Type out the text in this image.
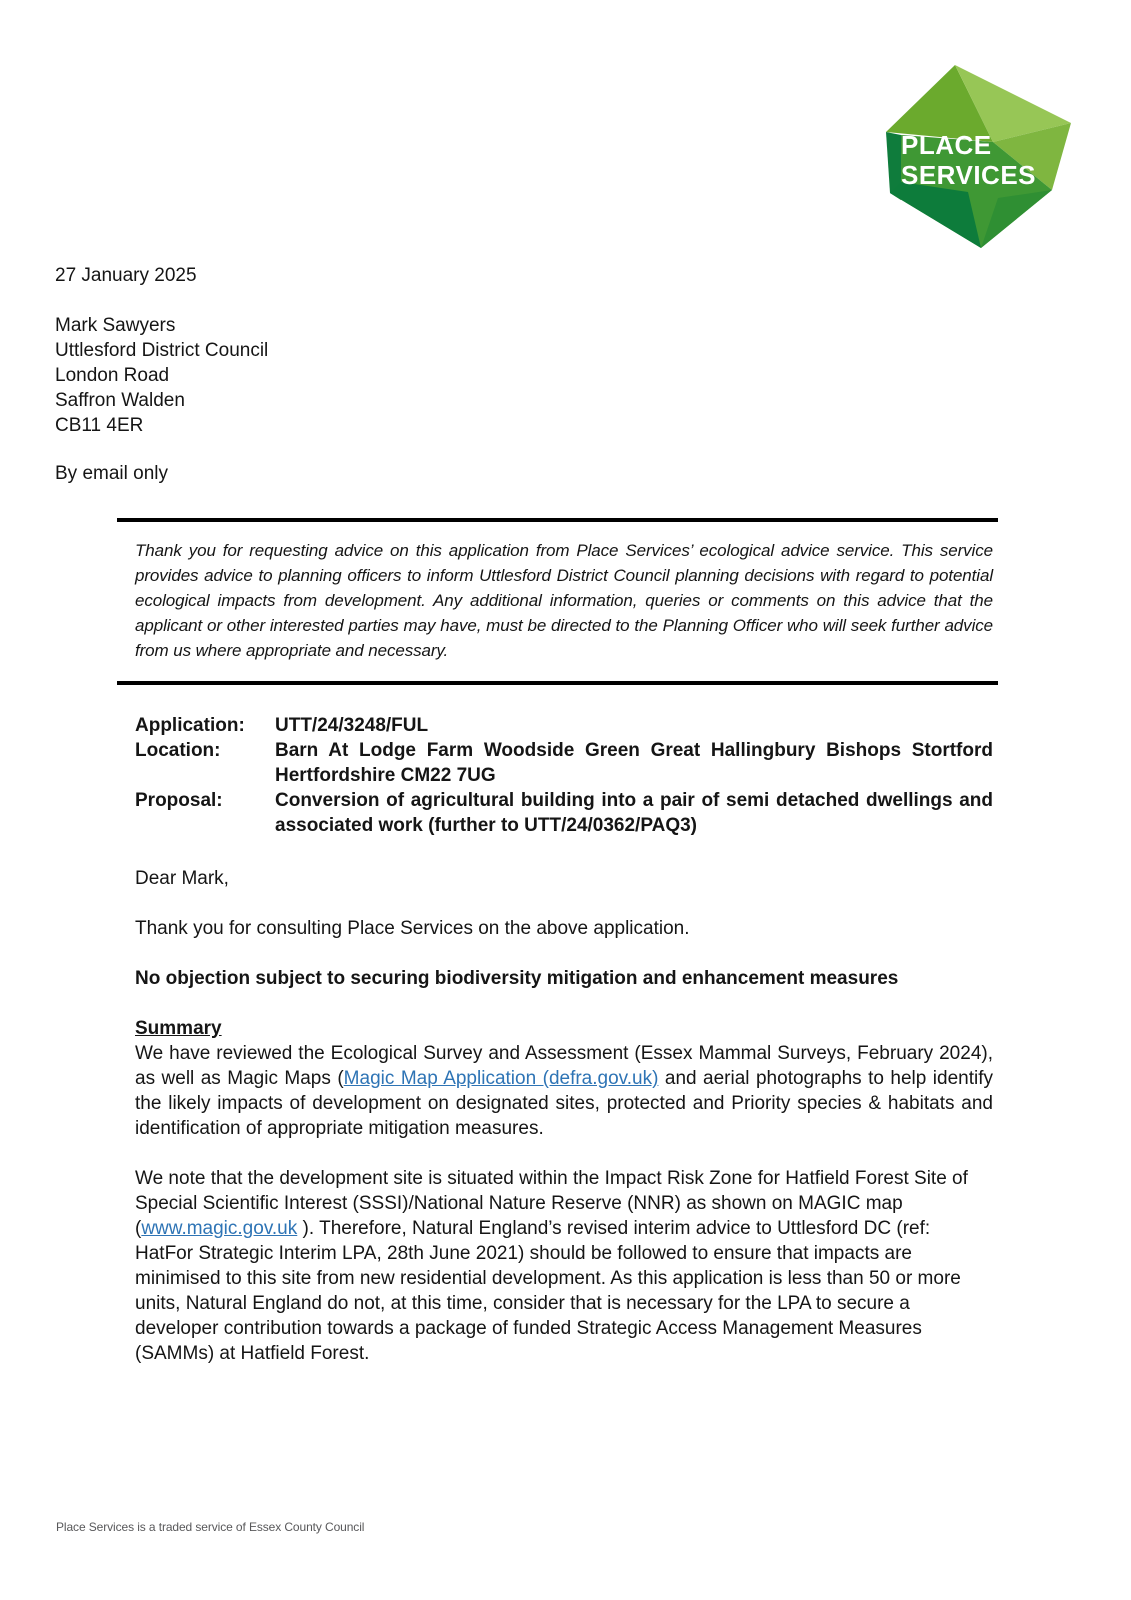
PLACE
SERVICES
27 January 2025
Mark Sawyers
Uttlesford District Council
London Road
Saffron Walden
CB11 4ER
By email only

Thank you for requesting advice on this application from Place Services’ ecological advice service. This service provides advice to planning officers to inform Uttlesford District Council planning decisions with regard to potential ecological impacts from development. Any additional information, queries or comments on this advice that the applicant or other interested parties may have, must be directed to the Planning Officer who will seek further advice from us where appropriate and necessary.

Application:	UTT/24/3248/FUL
Location:	Barn At Lodge Farm Woodside Green Great Hallingbury Bishops Stortford Hertfordshire CM22 7UG
Proposal:	Conversion of agricultural building into a pair of semi detached dwellings and associated work (further to UTT/24/0362/PAQ3)
Dear Mark,
Thank you for consulting Place Services on the above application.
No objection subject to securing biodiversity mitigation and enhancement measures
Summary
We have reviewed the Ecological Survey and Assessment (Essex Mammal Surveys, February 2024), as well as Magic Maps (Magic Map Application (defra.gov.uk) and aerial photographs to help identify the likely impacts of development on designated sites, protected and Priority species & habitats and identification of appropriate mitigation measures.
We note that the development site is situated within the Impact Risk Zone for Hatfield Forest Site of Special Scientific Interest (SSSI)/National Nature Reserve (NNR) as shown on MAGIC map (www.magic.gov.uk ). Therefore, Natural England’s revised interim advice to Uttlesford DC (ref: HatFor Strategic Interim LPA, 28th June 2021) should be followed to ensure that impacts are minimised to this site from new residential development. As this application is less than 50 or more units, Natural England do not, at this time, consider that is necessary for the LPA to secure a developer contribution towards a package of funded Strategic Access Management Measures (SAMMs) at Hatfield Forest.
Place Services is a traded service of Essex County Council
